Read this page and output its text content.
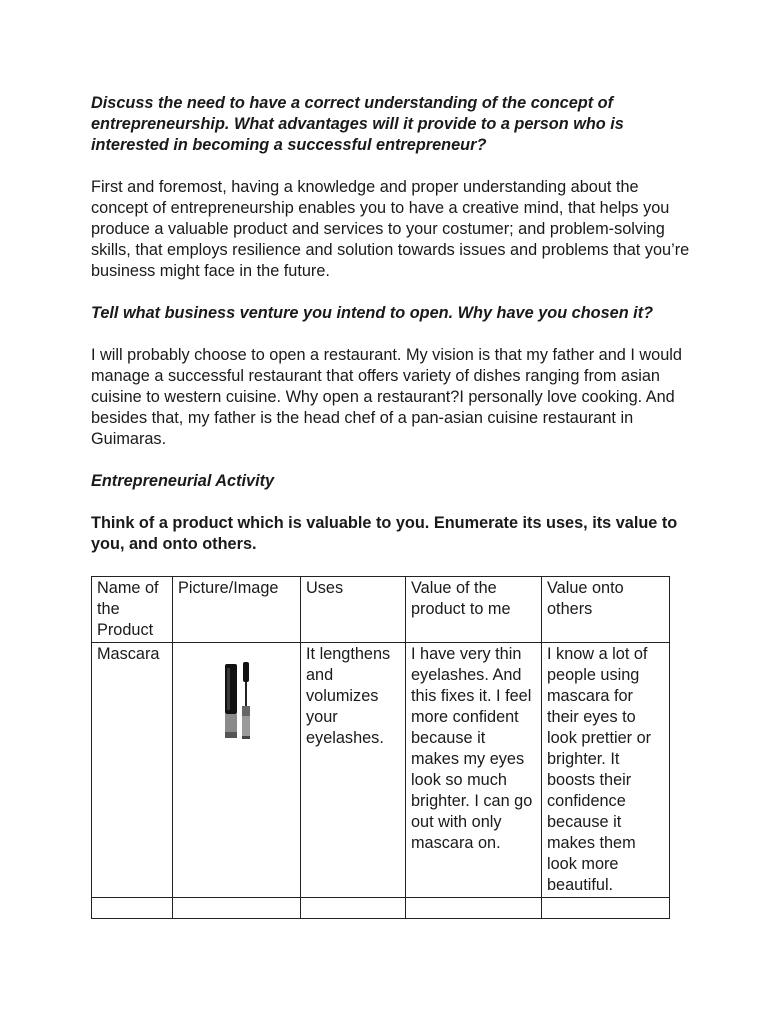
Discuss the need to have a correct understanding of the concept of entrepreneurship. What advantages will it provide to a person who is interested in becoming a successful entrepreneur?

First and foremost, having a knowledge and proper understanding about the concept of entrepreneurship enables you to have a creative mind, that helps you produce a valuable product and services to your costumer; and problem-solving skills, that employs resilience and solution towards issues and problems that you’re business might face in the future.

Tell what business venture you intend to open. Why have you chosen it?

I will probably choose to open a restaurant. My vision is that my father and I would manage a successful restaurant that offers variety of dishes ranging from asian cuisine to western cuisine. Why open a restaurant?I personally love cooking. And besides that, my father is the head chef of a pan-asian cuisine restaurant in Guimaras.

Entrepreneurial Activity

Think of a product which is valuable to you. Enumerate its uses, its value to you, and onto others.

Name of the Product	Picture/Image	Uses	Value of the product to me	Value onto others
Mascara		It lengthens and volumizes your eyelashes.	I have very thin eyelashes. And this fixes it. I feel more confident because it makes my eyes look so much brighter. I can go out with only mascara on.	I know a lot of people using mascara for their eyes to look prettier or brighter. It boosts their confidence because it makes them look more beautiful.
